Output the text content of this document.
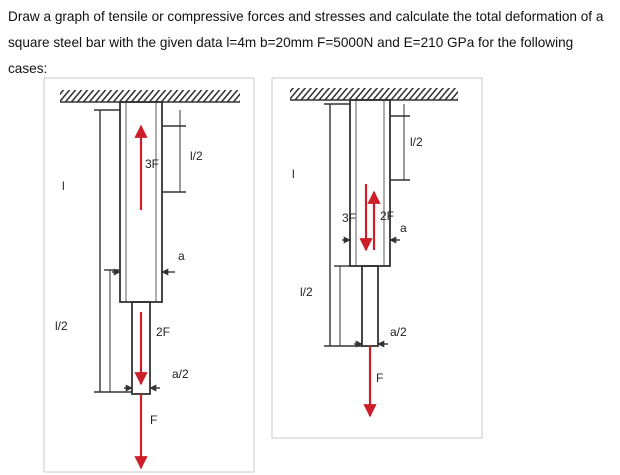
Draw a graph of tensile or compressive forces and stresses and calculate the total deformation of a
square steel bar with the given data l=4m b=20mm F=5000N and E=210 GPa for the following cases:
l
l/2
l/2
3F
2F
F
a
a/2
l
l/2
l/2
3F 2F
F
a
a/2
